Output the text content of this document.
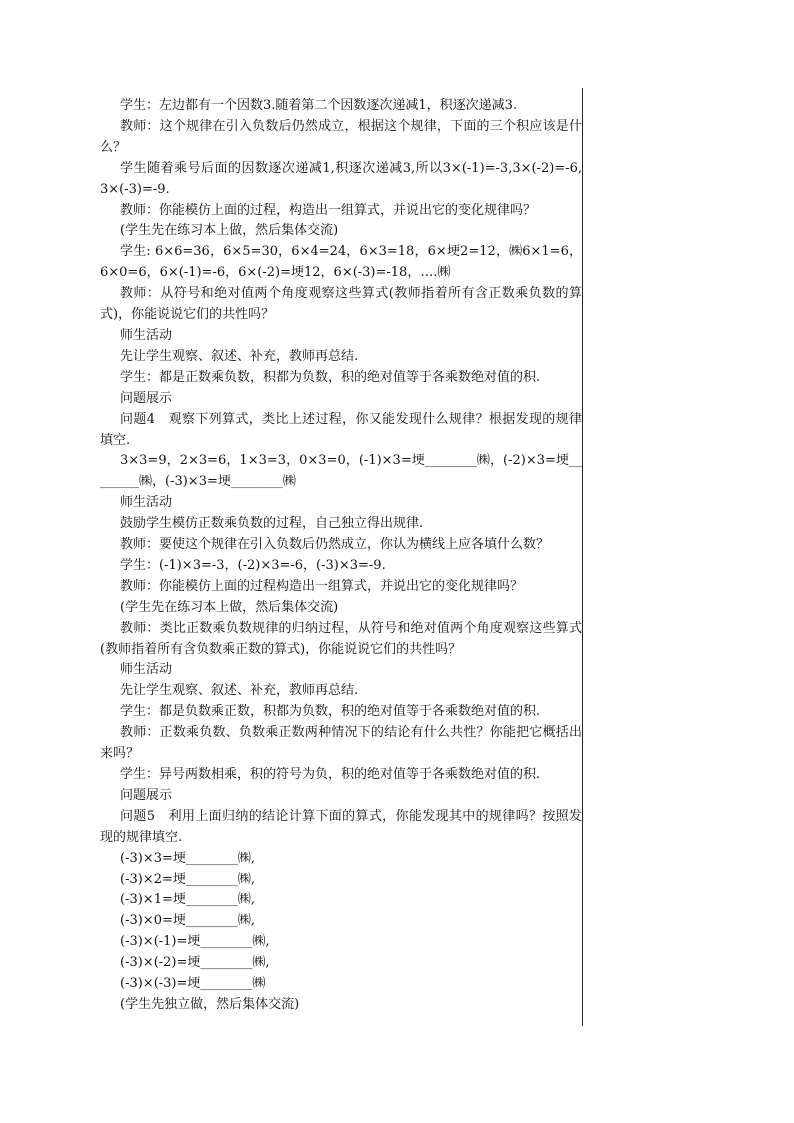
学生：左边都有一个因数3.随着第二个因数逐次递减1，积逐次递减3.

教师：这个规律在引入负数后仍然成立，根据这个规律，下面的三个积应该是什么？

学生随着乘号后面的因数逐次递减1,积逐次递减3,所以3×(-1)=-3,3×(-2)=-6, 3×(-3)=-9.

教师：你能模仿上面的过程，构造出一组算式，并说出它的变化规律吗？

(学生先在练习本上做，然后集体交流)

学生: 6×6=36，6×5=30，6×4=24，6×3=18，6×埂2=12，㈱6×1=6，6×0=6，6×(-1)=-6，6×(-2)=埂12，6×(-3)=-18，….㈱

教师：从符号和绝对值两个角度观察这些算式(教师指着所有含正数乘负数的算式)，你能说说它们的共性吗？

师生活动

先让学生观察、叙述、补充，教师再总结.

学生：都是正数乘负数，积都为负数，积的绝对值等于各乘数绝对值的积.

问题展示

问题4　观察下列算式，类比上述过程，你又能发现什么规律？根据发现的规律填空.

3×3=9，2×3=6，1×3=3，0×3=0，(-1)×3=埂________㈱，(-2)×3=埂________㈱，(-3)×3=埂________㈱

师生活动

鼓励学生模仿正数乘负数的过程，自己独立得出规律.

教师：要使这个规律在引入负数后仍然成立，你认为横线上应各填什么数？

学生：(-1)×3=-3，(-2)×3=-6，(-3)×3=-9.

教师：你能模仿上面的过程构造出一组算式，并说出它的变化规律吗？

(学生先在练习本上做，然后集体交流)

教师：类比正数乘负数规律的归纳过程，从符号和绝对值两个角度观察这些算式(教师指着所有含负数乘正数的算式)，你能说说它们的共性吗？

师生活动

先让学生观察、叙述、补充，教师再总结.

学生：都是负数乘正数，积都为负数，积的绝对值等于各乘数绝对值的积.

教师：正数乘负数、负数乘正数两种情况下的结论有什么共性？你能把它概括出来吗？

学生：异号两数相乘，积的符号为负，积的绝对值等于各乘数绝对值的积.

问题展示

问题5　利用上面归纳的结论计算下面的算式，你能发现其中的规律吗？按照发现的规律填空.

(-3)×3=埂________㈱,

(-3)×2=埂________㈱,

(-3)×1=埂________㈱,

(-3)×0=埂________㈱,

(-3)×(-1)=埂________㈱,

(-3)×(-2)=埂________㈱,

(-3)×(-3)=埂________㈱

(学生先独立做，然后集体交流)
